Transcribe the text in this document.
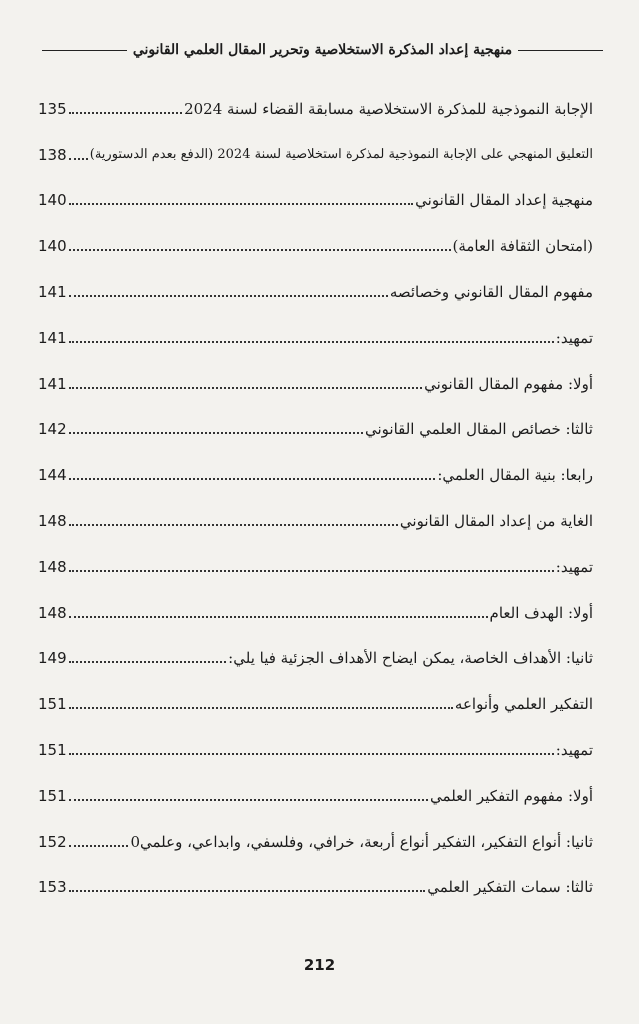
منهجية إعداد المذكرة الاستخلاصية وتحرير المقال العلمي القانوني
الإجابة النموذجية للمذكرة الاستخلاصية مسابقة القضاء لسنة 2024
135
التعليق المنهجي على الإجابة النموذجية لمذكرة استخلاصية لسنة 2024 (الدفع بعدم الدستورية)
138
منهجية إعداد المقال القانوني
140
(امتحان الثقافة العامة)
140
مفهوم المقال القانوني وخصائصه
141
تمهيد:
141
أولا: مفهوم المقال القانوني
141
ثالثا: خصائص المقال العلمي القانوني
142
رابعا: بنية المقال العلمي:
144
الغاية من إعداد المقال القانوني
148
تمهيد:
148
أولا: الهدف العام
148
ثانيا: الأهداف الخاصة، يمكن ايضاح الأهداف الجزئية فيا يلي:
149
التفكير العلمي وأنواعه
151
تمهيد:
151
أولا: مفهوم التفكير العلمي
151
ثانيا: أنواع التفكير، التفكير أنواع أربعة، خرافي، وفلسفي، وابداعي، وعلمي0
152
ثالثا: سمات التفكير العلمي
153
212
